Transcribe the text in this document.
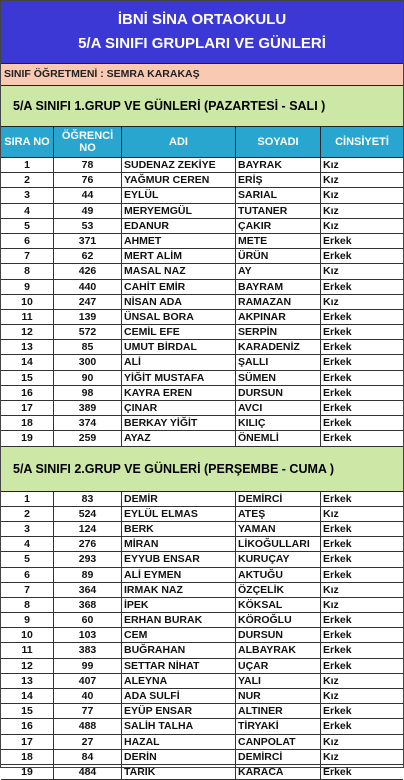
İBNİ SİNA ORTAOKULU
5/A SINIFI GRUPLARI VE GÜNLERİ
SINIF ÖĞRETMENİ : SEMRA KARAKAŞ
5/A SINIFI 1.GRUP VE GÜNLERİ (PAZARTESİ - SALI )
SIRA NO	ÖĞRENCİ NO	ADI	SOYADI	CİNSİYETİ
1	78	SUDENAZ ZEKİYE	BAYRAK	Kız
2	76	YAĞMUR CEREN	ERİŞ	Kız
3	44	EYLÜL	SARIAL	Kız
4	49	MERYEMGÜL	TUTANER	Kız
5	53	EDANUR	ÇAKIR	Kız
6	371	AHMET	METE	Erkek
7	62	MERT ALİM	ÜRÜN	Erkek
8	426	MASAL NAZ	AY	Kız
9	440	CAHİT EMİR	BAYRAM	Erkek
10	247	NİSAN ADA	RAMAZAN	Kız
11	139	ÜNSAL BORA	AKPINAR	Erkek
12	572	CEMİL EFE	SERPİN	Erkek
13	85	UMUT BİRDAL	KARADENİZ	Erkek
14	300	ALİ	ŞALLI	Erkek
15	90	YİĞİT MUSTAFA	SÜMEN	Erkek
16	98	KAYRA EREN	DURSUN	Erkek
17	389	ÇINAR	AVCI	Erkek
18	374	BERKAY YİĞİT	KILIÇ	Erkek
19	259	AYAZ	ÖNEMLİ	Erkek
5/A SINIFI 2.GRUP VE GÜNLERİ (PERŞEMBE - CUMA )
1	83	DEMİR	DEMİRCİ	Erkek
2	524	EYLÜL ELMAS	ATEŞ	Kız
3	124	BERK	YAMAN	Erkek
4	276	MİRAN	LİKOĞULLARI	Erkek
5	293	EYYUB ENSAR	KURUÇAY	Erkek
6	89	ALİ EYMEN	AKTUĞU	Erkek
7	364	IRMAK NAZ	ÖZÇELİK	Kız
8	368	İPEK	KÖKSAL	Kız
9	60	ERHAN BURAK	KÖROĞLU	Erkek
10	103	CEM	DURSUN	Erkek
11	383	BUĞRAHAN	ALBAYRAK	Erkek
12	99	SETTAR NİHAT	UÇAR	Erkek
13	407	ALEYNA	YALI	Kız
14	40	ADA SULFİ	NUR	Kız
15	77	EYÜP ENSAR	ALTINER	Erkek
16	488	SALİH TALHA	TİRYAKİ	Erkek
17	27	HAZAL	CANPOLAT	Kız
18	84	DERİN	DEMİRCİ	Kız
19	484	TARIK	KARACA	Erkek
